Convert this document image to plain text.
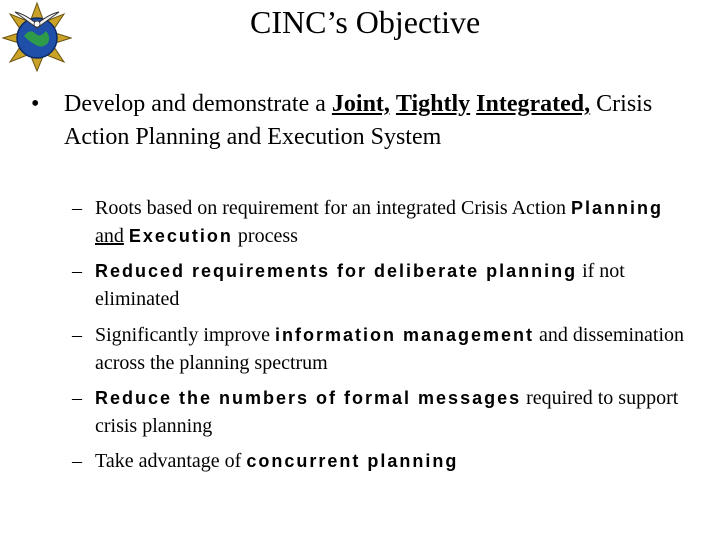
CINC’s Objective
• Develop and demonstrate a Joint, Tightly Integrated, Crisis Action Planning and Execution System
– Roots based on requirement for an integrated Crisis Action Planning and Execution process
– Reduced requirements for deliberate planning if not eliminated
– Significantly improve information management and dissemination across the planning spectrum
– Reduce the numbers of formal messages required to support crisis planning
– Take advantage of concurrent planning
